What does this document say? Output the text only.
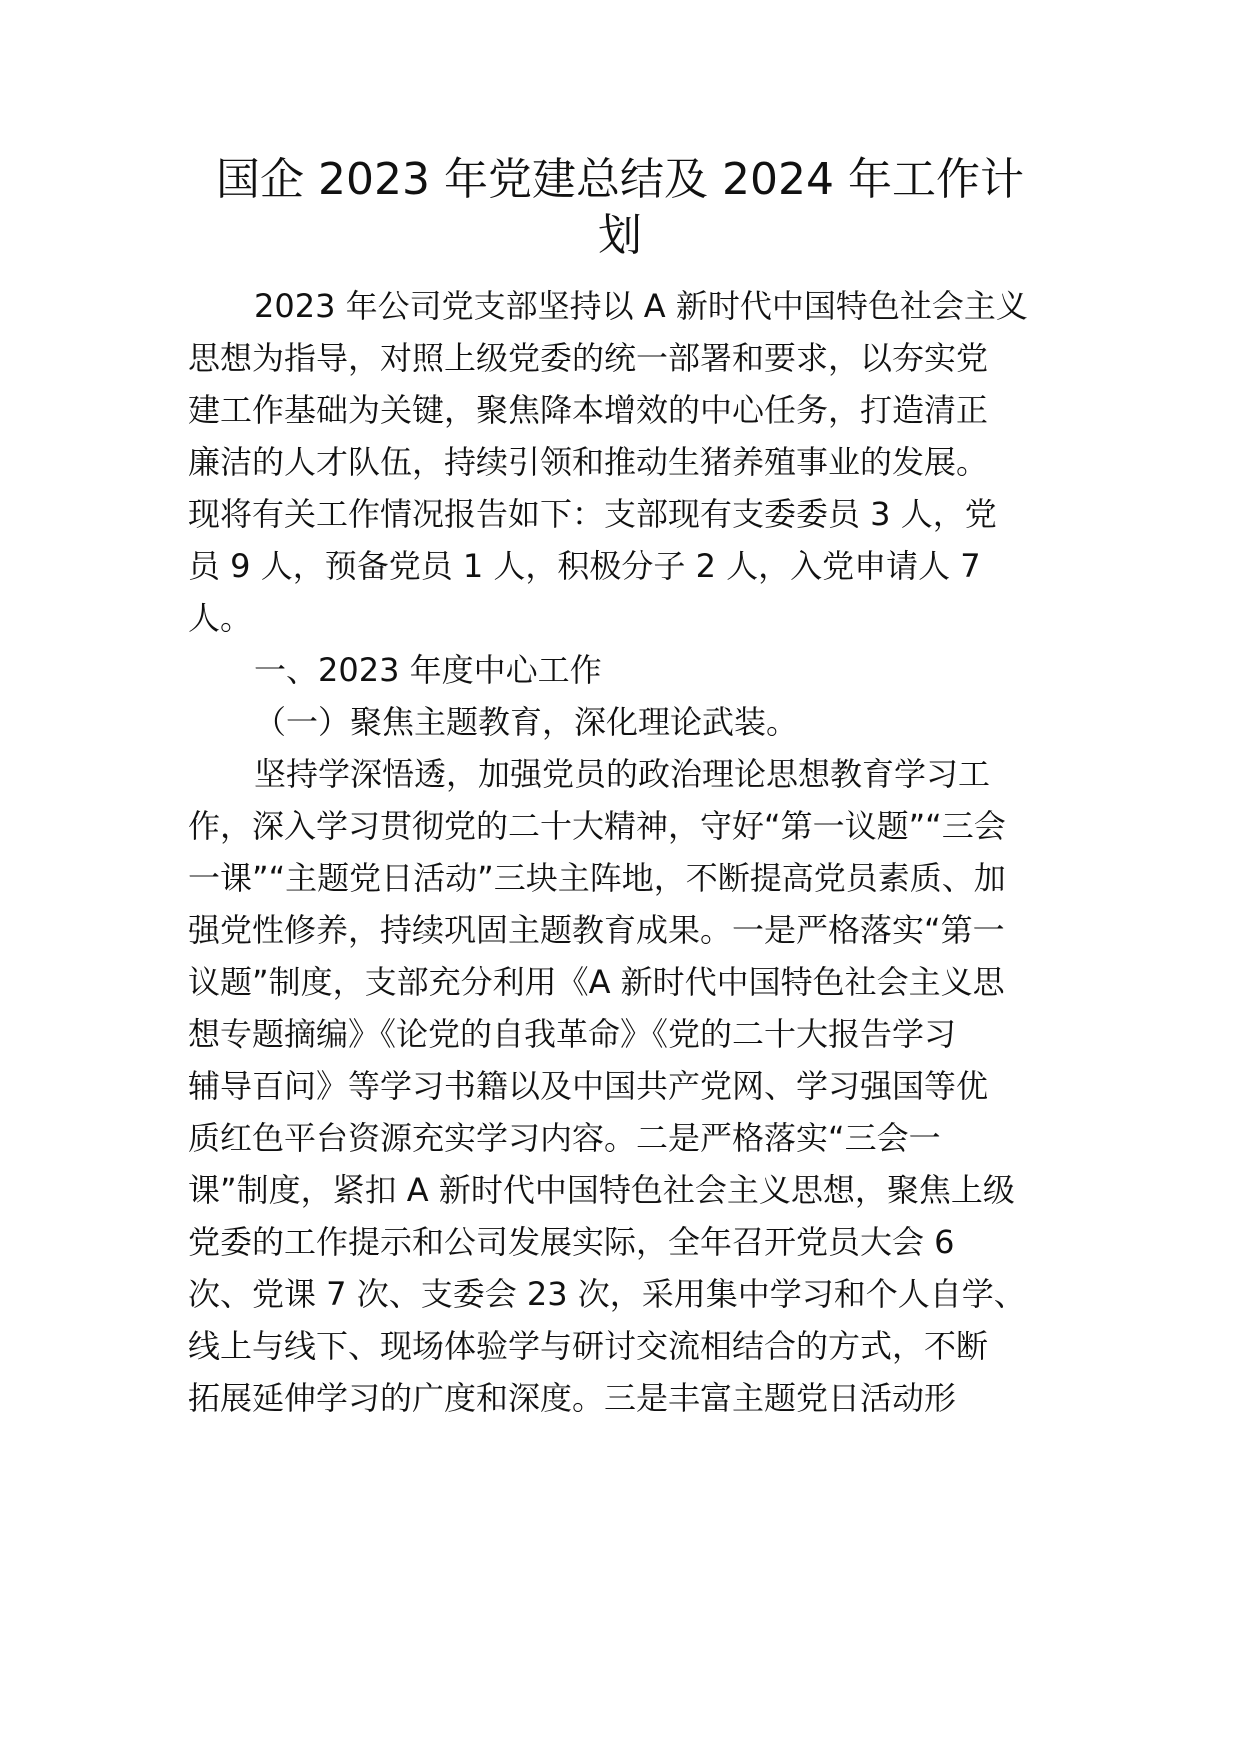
国企 2023 年党建总结及 2024 年工作计
划
2023 年公司党支部坚持以 A 新时代中国特色社会主义
思想为指导，对照上级党委的统一部署和要求，以夯实党
建工作基础为关键，聚焦降本增效的中心任务，打造清正
廉洁的人才队伍，持续引领和推动生猪养殖事业的发展。
现将有关工作情况报告如下：支部现有支委委员 3 人，党
员 9 人，预备党员 1 人，积极分子 2 人，入党申请人 7
人。
一、2023 年度中心工作
（一）聚焦主题教育，深化理论武装。
坚持学深悟透，加强党员的政治理论思想教育学习工
作，深入学习贯彻党的二十大精神，守好“第一议题”“三会
一课”“主题党日活动”三块主阵地，不断提高党员素质、加
强党性修养，持续巩固主题教育成果。一是严格落实“第一
议题”制度，支部充分利用《A 新时代中国特色社会主义思
想专题摘编》《论党的自我革命》《党的二十大报告学习
辅导百问》等学习书籍以及中国共产党网、学习强国等优
质红色平台资源充实学习内容。二是严格落实“三会一
课”制度，紧扣 A 新时代中国特色社会主义思想，聚焦上级
党委的工作提示和公司发展实际，全年召开党员大会 6
次、党课 7 次、支委会 23 次，采用集中学习和个人自学、
线上与线下、现场体验学与研讨交流相结合的方式，不断
拓展延伸学习的广度和深度。三是丰富主题党日活动形
